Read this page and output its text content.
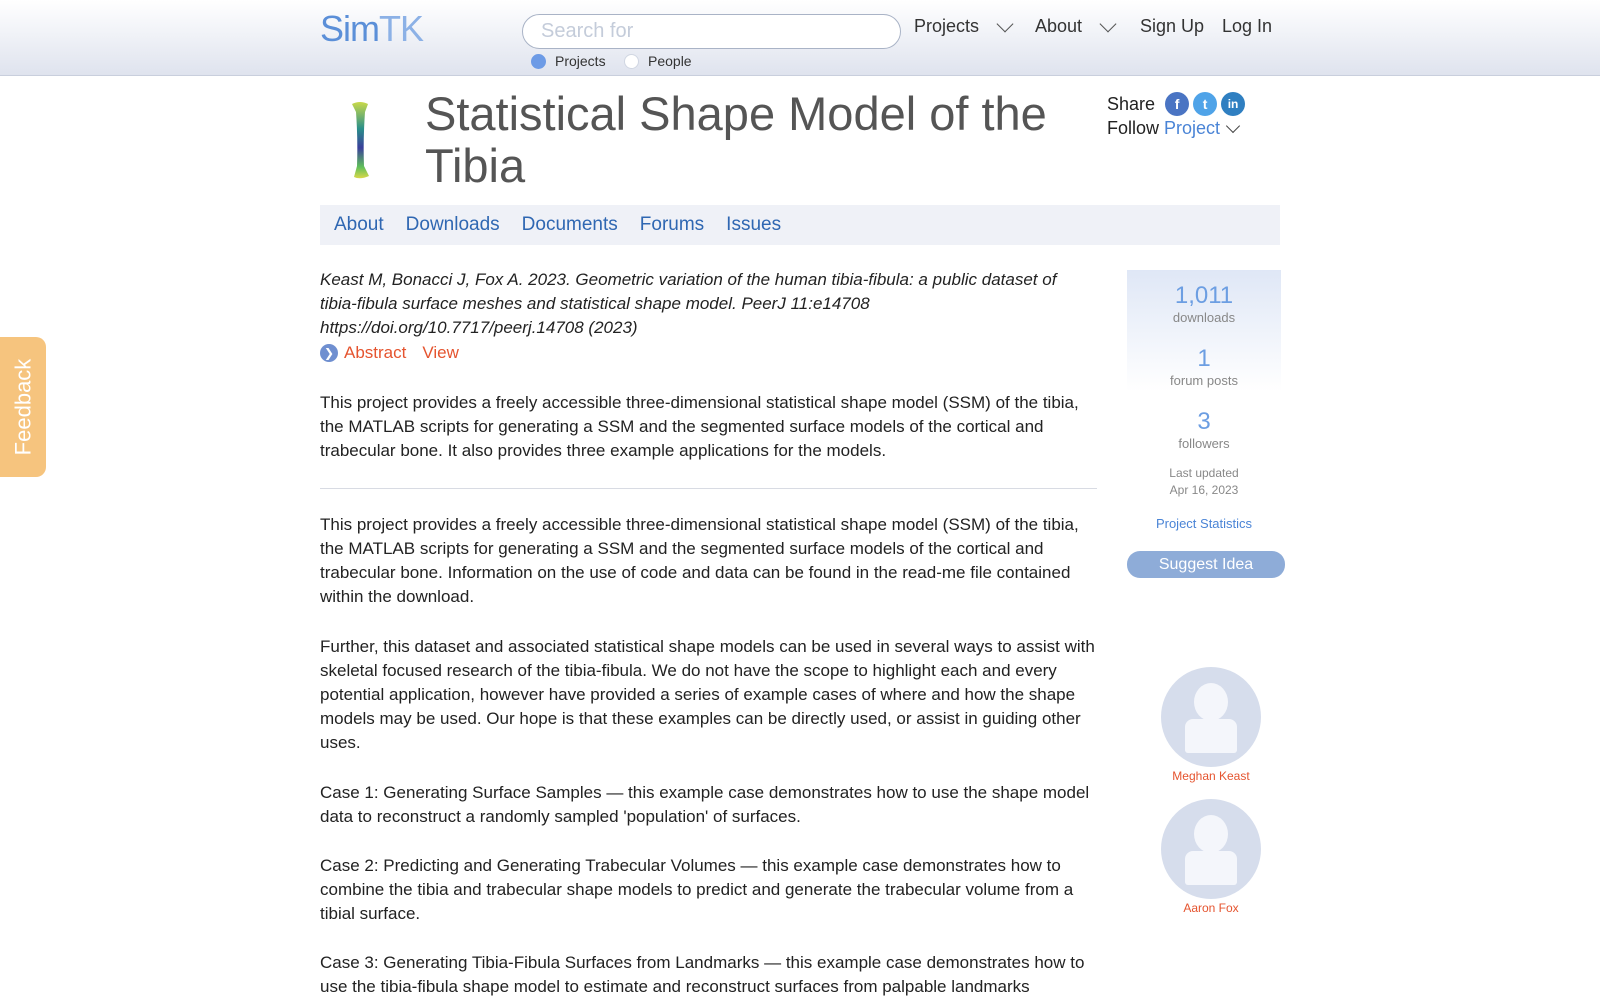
SimTK
Search for
Projects	People
Projects	About	Sign Up Log In
Feedback
Statistical Shape Model of the Tibia
Share	f	t	in
Follow Project
About Downloads Documents Forums Issues
Keast M, Bonacci J, Fox A. 2023. Geometric variation of the human tibia-fibula: a public dataset of tibia-fibula surface meshes and statistical shape model. PeerJ 11:e14708 https://doi.org/10.7717/peerj.14708 (2023)
❯ Abstract View
This project provides a freely accessible three-dimensional statistical shape model (SSM) of the tibia, the MATLAB scripts for generating a SSM and the segmented surface models of the cortical and trabecular bone. It also provides three example applications for the models.
This project provides a freely accessible three-dimensional statistical shape model (SSM) of the tibia, the MATLAB scripts for generating a SSM and the segmented surface models of the cortical and trabecular bone. Information on the use of code and data can be found in the read-me file contained within the download.
Further, this dataset and associated statistical shape models can be used in several ways to assist with skeletal focused research of the tibia-fibula. We do not have the scope to highlight each and every potential application, however have provided a series of example cases of where and how the shape models may be used. Our hope is that these examples can be directly used, or assist in guiding other uses.
Case 1: Generating Surface Samples — this example case demonstrates how to use the shape model data to reconstruct a randomly sampled 'population' of surfaces.
Case 2: Predicting and Generating Trabecular Volumes — this example case demonstrates how to combine the tibia and trabecular shape models to predict and generate the trabecular volume from a tibial surface.
Case 3: Generating Tibia-Fibula Surfaces from Landmarks — this example case demonstrates how to use the tibia-fibula shape model to estimate and reconstruct surfaces from palpable landmarks
1,011
downloads
1
forum posts
3
followers
Last updated
Apr 16, 2023
Project Statistics
Suggest Idea
Meghan Keast
Aaron Fox
